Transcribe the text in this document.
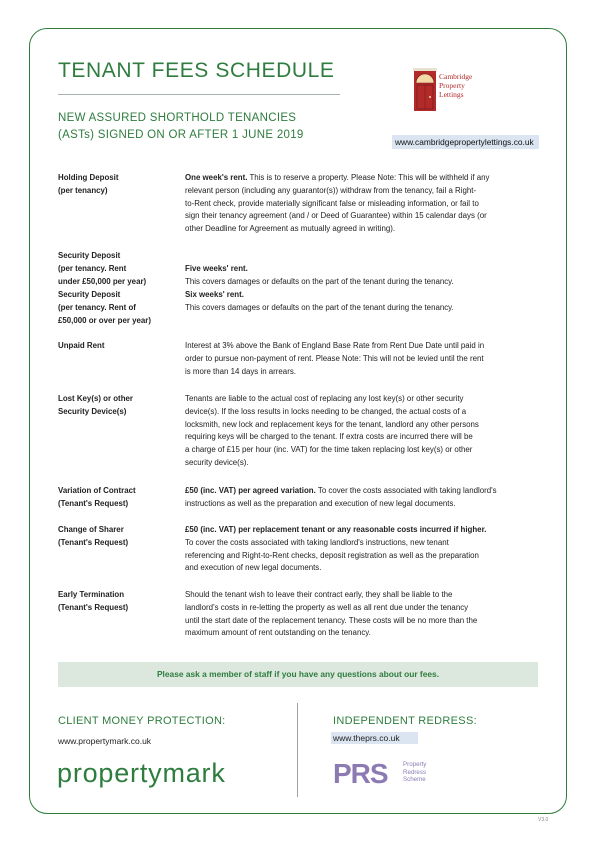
TENANT FEES SCHEDULE
NEW ASSURED SHORTHOLD TENANCIES
(ASTs) SIGNED ON OR AFTER 1 JUNE 2019
Cambridge
Property
Lettings
www.cambridgepropertylettings.co.uk
Holding Deposit
(per tenancy)
One week's rent. This is to reserve a property. Please Note: This will be withheld if any
relevant person (including any guarantor(s)) withdraw from the tenancy, fail a Right-
to-Rent check, provide materially significant false or misleading information, or fail to
sign their tenancy agreement (and / or Deed of Guarantee) within 15 calendar days (or
other Deadline for Agreement as mutually agreed in writing).
Security Deposit
(per tenancy. Rent
under £50,000 per year)

Five weeks' rent.
This covers damages or defaults on the part of the tenant during the tenancy.
Security Deposit
(per tenancy. Rent of
£50,000 or over per year)
Six weeks' rent.
This covers damages or defaults on the part of the tenant during the tenancy.
Unpaid Rent	Interest at 3% above the Bank of England Base Rate from Rent Due Date until paid in
order to pursue non-payment of rent. Please Note: This will not be levied until the rent
is more than 14 days in arrears.
Lost Key(s) or other
Security Device(s)
Tenants are liable to the actual cost of replacing any lost key(s) or other security
device(s). If the loss results in locks needing to be changed, the actual costs of a
locksmith, new lock and replacement keys for the tenant, landlord any other persons
requiring keys will be charged to the tenant. If extra costs are incurred there will be
a charge of £15 per hour (inc. VAT) for the time taken replacing lost key(s) or other
security device(s).
Variation of Contract
(Tenant's Request)
£50 (inc. VAT) per agreed variation. To cover the costs associated with taking landlord's
instructions as well as the preparation and execution of new legal documents.
Change of Sharer
(Tenant's Request)
£50 (inc. VAT) per replacement tenant or any reasonable costs incurred if higher.
To cover the costs associated with taking landlord's instructions, new tenant
referencing and Right-to-Rent checks, deposit registration as well as the preparation
and execution of new legal documents.
Early Termination
(Tenant's Request)
Should the tenant wish to leave their contract early, they shall be liable to the
landlord's costs in re-letting the property as well as all rent due under the tenancy
until the start date of the replacement tenancy. These costs will be no more than the
maximum amount of rent outstanding on the tenancy.
Please ask a member of staff if you have any questions about our fees.
CLIENT MONEY PROTECTION:
www.propertymark.co.uk
propertymark
INDEPENDENT REDRESS:
www.theprs.co.uk
PRS Property
Redress
Scheme
V3.0
